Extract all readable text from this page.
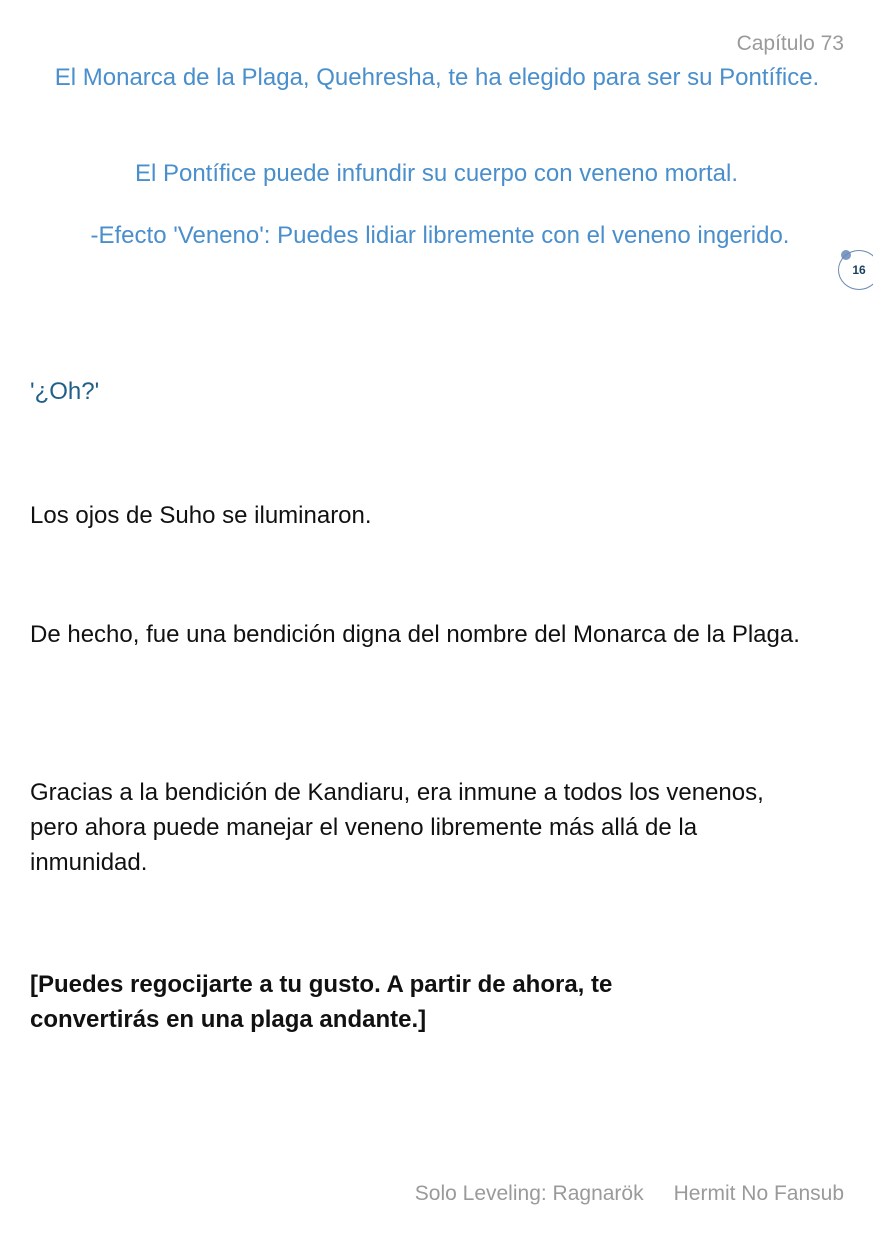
Capítulo 73
El Monarca de la Plaga, Quehresha, te ha elegido para ser su Pontífice.
El Pontífice puede infundir su cuerpo con veneno mortal.
-Efecto 'Veneno': Puedes lidiar libremente con el veneno ingerido.
16
'¿Oh?'
Los ojos de Suho se iluminaron.
De hecho, fue una bendición digna del nombre del Monarca de la Plaga.
Gracias a la bendición de Kandiaru, era inmune a todos los venenos, pero ahora puede manejar el veneno libremente más allá de la inmunidad.
[Puedes regocijarte a tu gusto. A partir de ahora, te convertirás en una plaga andante.]
Solo Leveling: Ragnarök Hermit No Fansub
